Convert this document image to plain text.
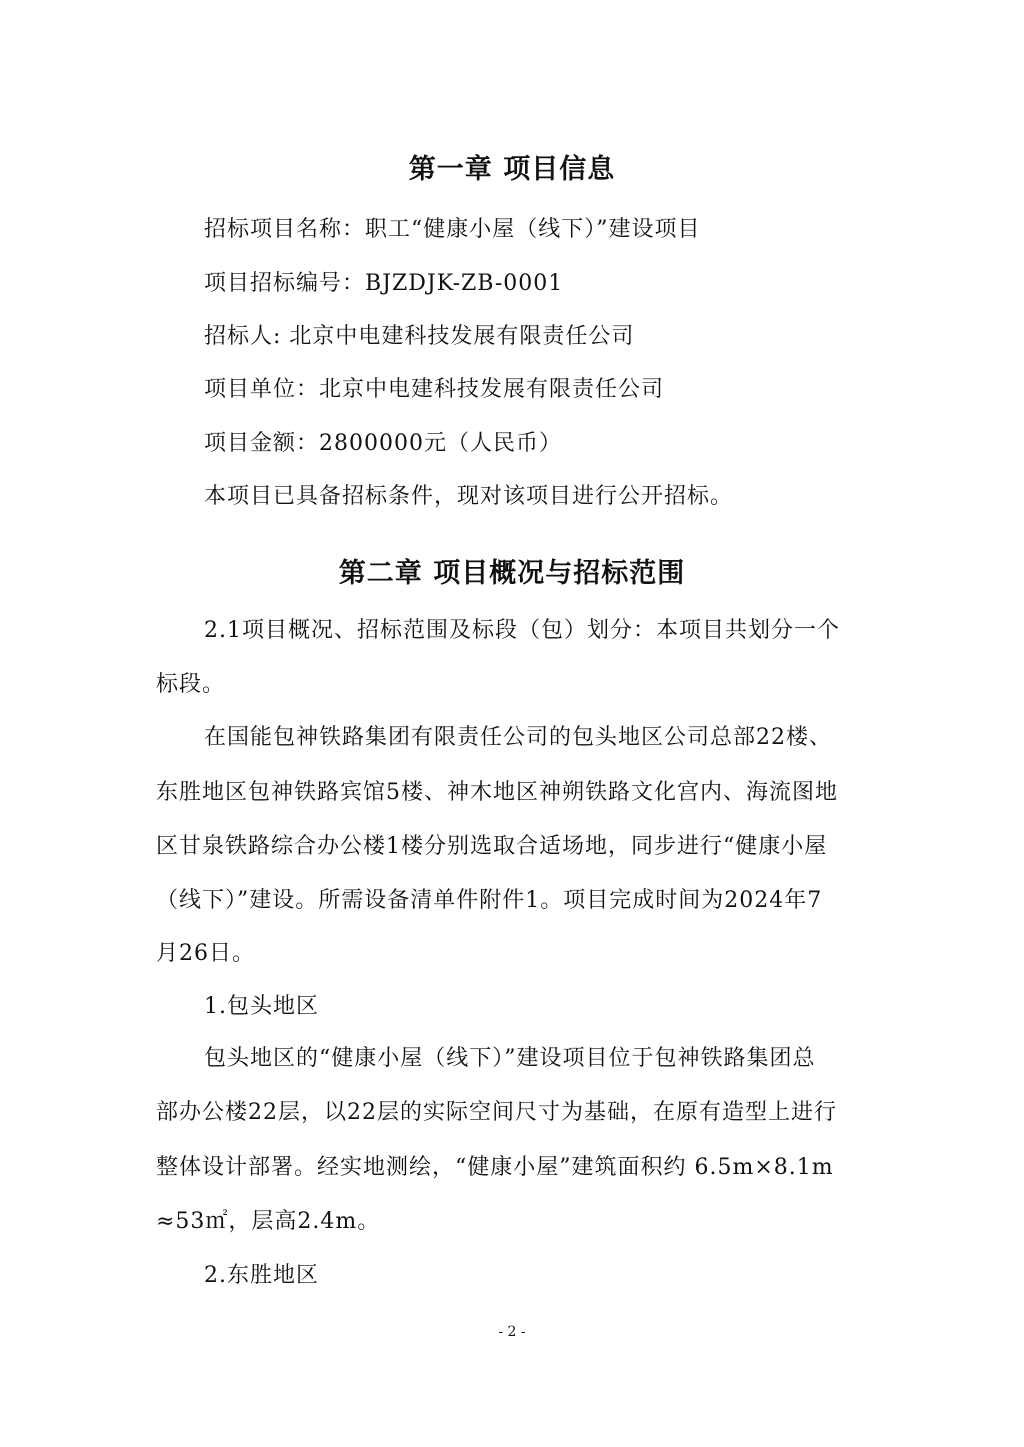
第一章 项目信息
招标项目名称：职工“健康小屋（线下）”建设项目
项目招标编号：BJZDJK-ZB-0001
招标人: 北京中电建科技发展有限责任公司
项目单位：北京中电建科技发展有限责任公司
项目金额：2800000元（人民币）
本项目已具备招标条件，现对该项目进行公开招标。
第二章 项目概况与招标范围
2.1项目概况、招标范围及标段（包）划分：本项目共划分一个
标段。
在国能包神铁路集团有限责任公司的包头地区公司总部22楼、
东胜地区包神铁路宾馆5楼、神木地区神朔铁路文化宫内、海流图地
区甘泉铁路综合办公楼1楼分别选取合适场地，同步进行“健康小屋
（线下）”建设。所需设备清单件附件1。项目完成时间为2024年7
月26日。
1.包头地区
包头地区的“健康小屋（线下）”建设项目位于包神铁路集团总
部办公楼22层，以22层的实际空间尺寸为基础，在原有造型上进行
整体设计部署。经实地测绘，“健康小屋”建筑面积约 6.5m×8.1m
≈53㎡，层高2.4m。
2.东胜地区
- 2 -
